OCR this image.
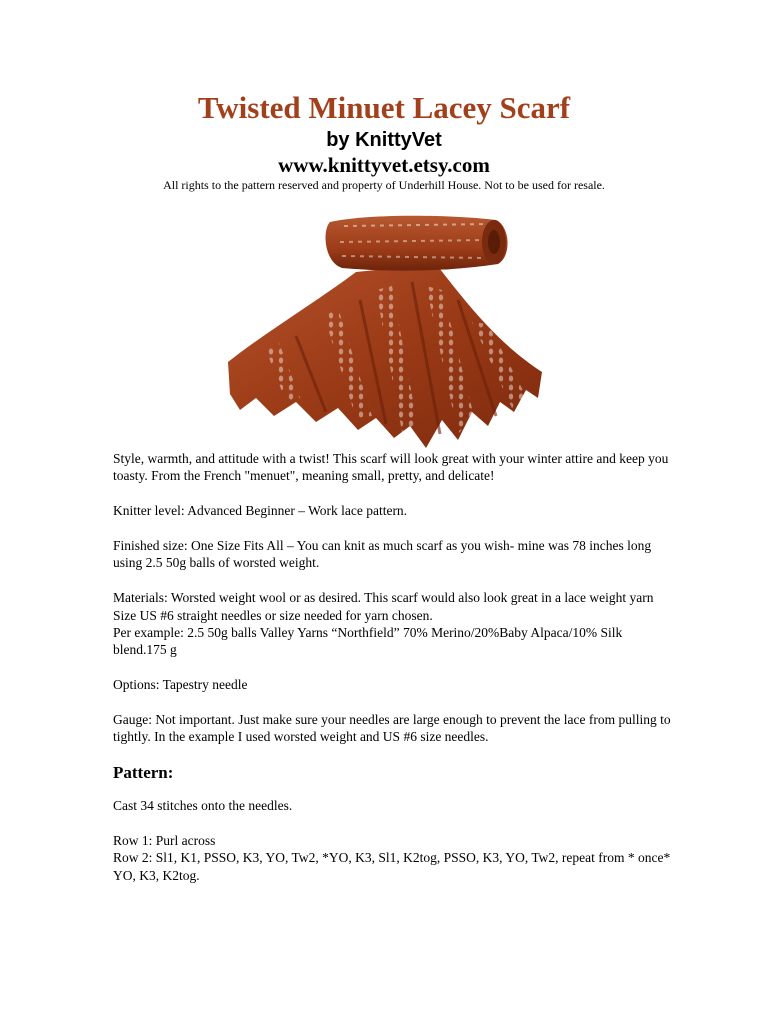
Twisted Minuet Lacey Scarf
by KnittyVet
www.knittyvet.etsy.com
All rights to the pattern reserved and property of Underhill House. Not to be used for resale.

Style, warmth, and attitude with a twist! This scarf will look great with your winter attire and keep you toasty. From the French "menuet", meaning small, pretty, and delicate!

Knitter level: Advanced Beginner – Work lace pattern.

Finished size: One Size Fits All – You can knit as much scarf as you wish- mine was 78 inches long using 2.5 50g balls of worsted weight.

Materials: Worsted weight wool or as desired. This scarf would also look great in a lace weight yarn
Size US #6 straight needles or size needed for yarn chosen.

Per example: 2.5 50g balls Valley Yarns “Northfield” 70% Merino/20%Baby Alpaca/10% Silk blend.175 g

Options: Tapestry needle

Gauge: Not important. Just make sure your needles are large enough to prevent the lace from pulling to tightly. In the example I used worsted weight and US #6 size needles.

Pattern:

Cast 34 stitches onto the needles.

Row 1: Purl across
Row 2: Sl1, K1, PSSO, K3, YO, Tw2, *YO, K3, Sl1, K2tog, PSSO, K3, YO, Tw2, repeat from * once* YO, K3, K2tog.
